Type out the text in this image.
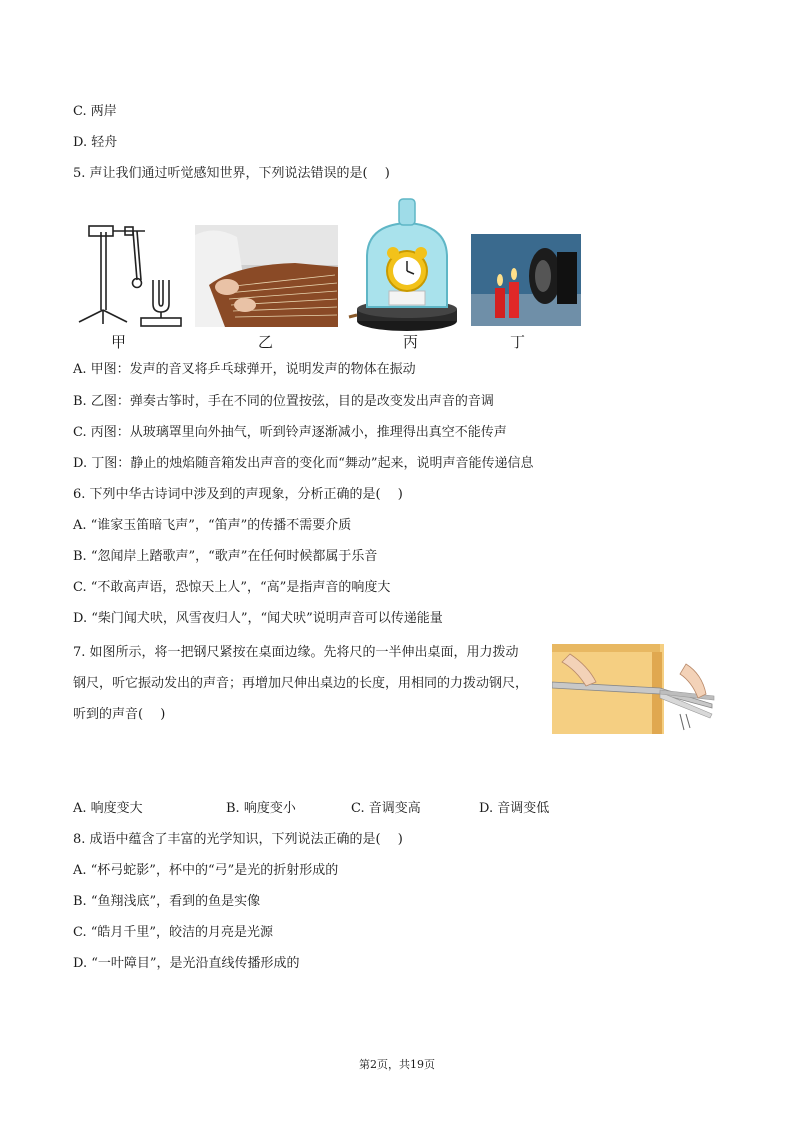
C. 两岸
D. 轻舟
5. 声让我们通过听觉感知世界，下列说法错误的是(　 )
甲	乙	丙	丁
A. 甲图：发声的音叉将乒乓球弹开，说明发声的物体在振动
B. 乙图：弹奏古筝时，手在不同的位置按弦，目的是改变发出声音的音调
C. 丙图：从玻璃罩里向外抽气，听到铃声逐渐减小，推理得出真空不能传声
D. 丁图：静止的烛焰随音箱发出声音的变化而“舞动”起来，说明声音能传递信息
6. 下列中华古诗词中涉及到的声现象，分析正确的是(　 )
A. “谁家玉笛暗飞声”，“笛声”的传播不需要介质
B. “忽闻岸上踏歌声”，“歌声”在任何时候都属于乐音
C. “不敢高声语，恐惊天上人”，“高”是指声音的响度大
D. “柴门闻犬吠，风雪夜归人”，“闻犬吠”说明声音可以传递能量
7. 如图所示，将一把钢尺紧按在桌面边缘。先将尺的一半伸出桌面，用力拨动
钢尺，听它振动发出的声音；再增加尺伸出桌边的长度，用相同的力拨动钢尺，
听到的声音(　 )
A. 响度变大	B. 响度变小	C. 音调变高	D. 音调变低
8. 成语中蕴含了丰富的光学知识，下列说法正确的是(　 )
A. “杯弓蛇影”，杯中的“弓”是光的折射形成的
B. “鱼翔浅底”，看到的鱼是实像
C. “皓月千里”，皎洁的月亮是光源
D. “一叶障目”，是光沿直线传播形成的
第2页，共19页
